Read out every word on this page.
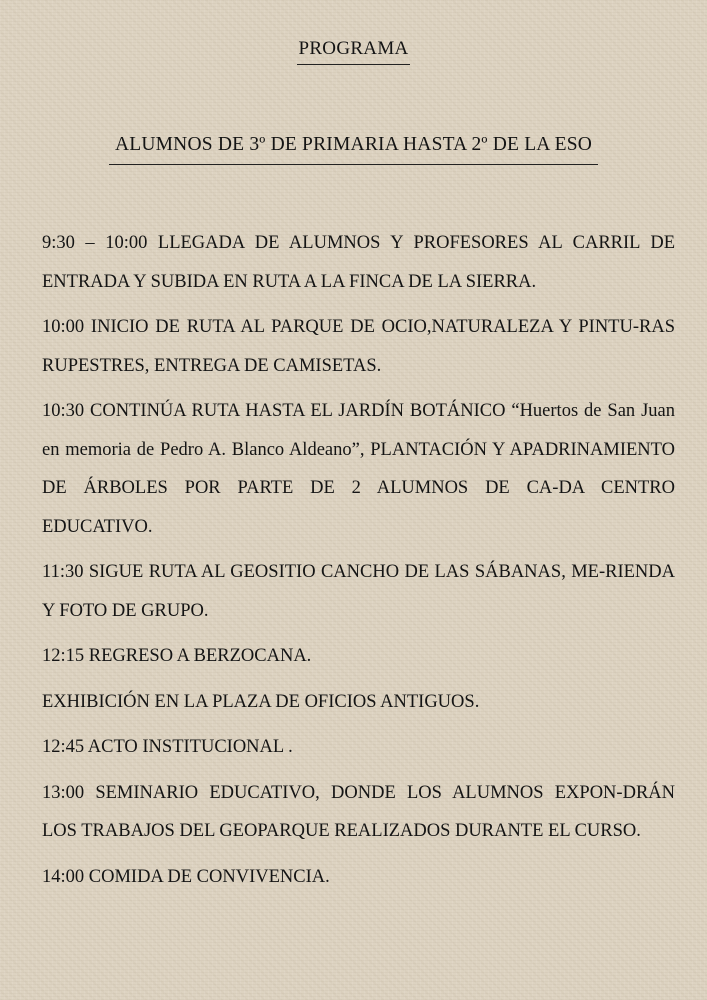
PROGRAMA
ALUMNOS DE 3º DE PRIMARIA HASTA 2º DE LA ESO

9:30 – 10:00 LLEGADA DE ALUMNOS Y PROFESORES AL CARRIL DE ENTRADA Y SUBIDA EN RUTA A LA FINCA DE LA SIERRA.

10:00 INICIO DE RUTA AL PARQUE DE OCIO,NATURALEZA Y PINTU-RAS RUPESTRES, ENTREGA DE CAMISETAS.

10:30 CONTINÚA RUTA HASTA EL JARDÍN BOTÁNICO “Huertos de San Juan en memoria de Pedro A. Blanco Aldeano”, PLANTACIÓN Y APADRINAMIENTO DE ÁRBOLES POR PARTE DE 2 ALUMNOS DE CA-DA CENTRO EDUCATIVO.

11:30 SIGUE RUTA AL GEOSITIO CANCHO DE LAS SÁBANAS, ME-RIENDA Y FOTO DE GRUPO.

12:15 REGRESO A BERZOCANA.

EXHIBICIÓN EN LA PLAZA DE OFICIOS ANTIGUOS.

12:45 ACTO INSTITUCIONAL .

13:00 SEMINARIO EDUCATIVO, DONDE LOS ALUMNOS EXPON-DRÁN LOS TRABAJOS DEL GEOPARQUE REALIZADOS DURANTE EL CURSO.

14:00 COMIDA DE CONVIVENCIA.
